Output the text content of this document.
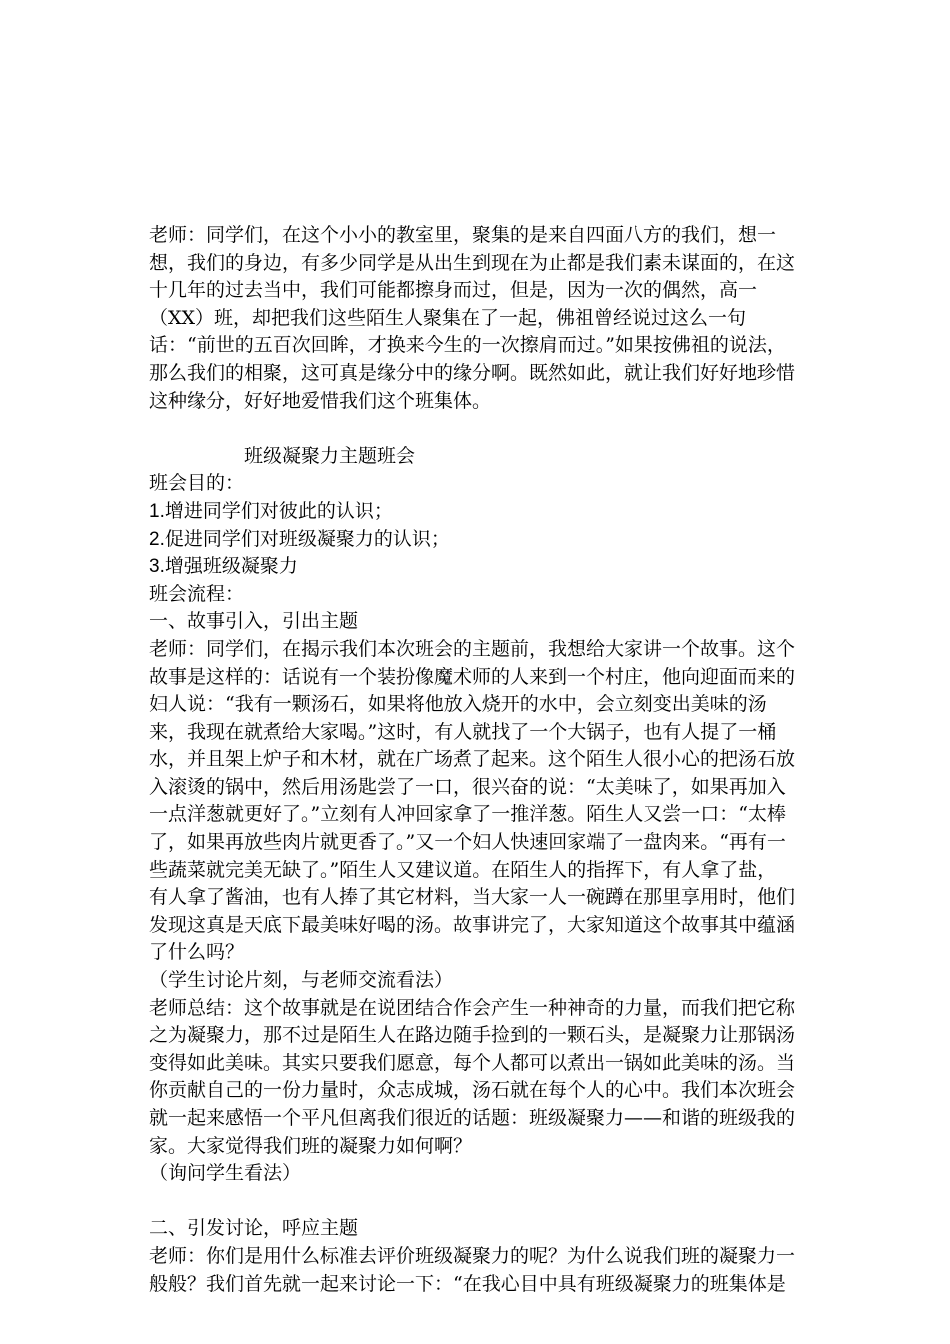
老师：同学们，在这个小小的教室里，聚集的是来自四面八方的我们，想一
想，我们的身边，有多少同学是从出生到现在为止都是我们素未谋面的，在这
十几年的过去当中，我们可能都擦身而过，但是，因为一次的偶然，高一
（XX）班，却把我们这些陌生人聚集在了一起，佛祖曾经说过这么一句
话：“前世的五百次回眸，才换来今生的一次擦肩而过。”如果按佛祖的说法，
那么我们的相聚，这可真是缘分中的缘分啊。既然如此，就让我们好好地珍惜
这种缘分，好好地爱惜我们这个班集体。
班级凝聚力主题班会
班会目的：
1.增进同学们对彼此的认识；
2.促进同学们对班级凝聚力的认识；
3.增强班级凝聚力
班会流程：
一、故事引入，引出主题
老师：同学们，在揭示我们本次班会的主题前，我想给大家讲一个故事。这个
故事是这样的：话说有一个装扮像魔术师的人来到一个村庄，他向迎面而来的
妇人说：“我有一颗汤石，如果将他放入烧开的水中，会立刻变出美味的汤
来，我现在就煮给大家喝。”这时，有人就找了一个大锅子，也有人提了一桶
水，并且架上炉子和木材，就在广场煮了起来。这个陌生人很小心的把汤石放
入滚烫的锅中，然后用汤匙尝了一口，很兴奋的说：“太美味了，如果再加入
一点洋葱就更好了。”立刻有人冲回家拿了一推洋葱。陌生人又尝一口：“太棒
了，如果再放些肉片就更香了。”又一个妇人快速回家端了一盘肉来。“再有一
些蔬菜就完美无缺了。”陌生人又建议道。在陌生人的指挥下，有人拿了盐，
有人拿了酱油，也有人捧了其它材料，当大家一人一碗蹲在那里享用时，他们
发现这真是天底下最美味好喝的汤。故事讲完了，大家知道这个故事其中蕴涵
了什么吗？
（学生讨论片刻，与老师交流看法）
老师总结：这个故事就是在说团结合作会产生一种神奇的力量，而我们把它称
之为凝聚力，那不过是陌生人在路边随手捡到的一颗石头，是凝聚力让那锅汤
变得如此美味。其实只要我们愿意，每个人都可以煮出一锅如此美味的汤。当
你贡献自己的一份力量时，众志成城，汤石就在每个人的心中。我们本次班会
就一起来感悟一个平凡但离我们很近的话题：班级凝聚力——和谐的班级我的
家。大家觉得我们班的凝聚力如何啊？
（询问学生看法）
二、引发讨论，呼应主题
老师：你们是用什么标准去评价班级凝聚力的呢？为什么说我们班的凝聚力一
般般？我们首先就一起来讨论一下：“在我心目中具有班级凝聚力的班集体是
